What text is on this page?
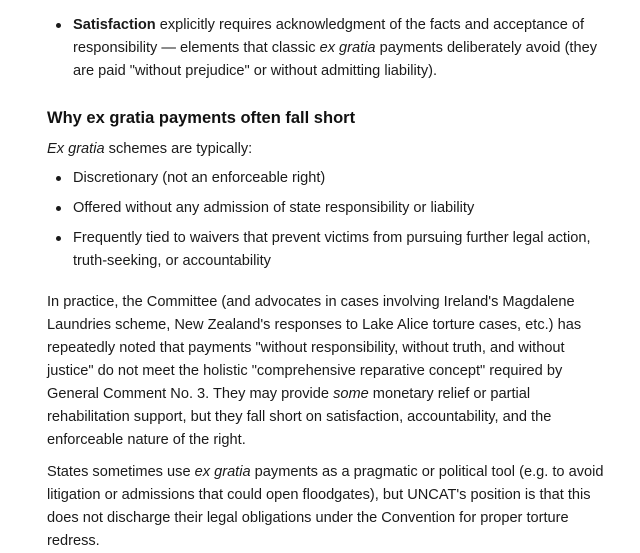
Satisfaction explicitly requires acknowledgment of the facts and acceptance of responsibility — elements that classic ex gratia payments deliberately avoid (they are paid "without prejudice" or without admitting liability).
Why ex gratia payments often fall short

Ex gratia schemes are typically:

Discretionary (not an enforceable right)
Offered without any admission of state responsibility or liability
Frequently tied to waivers that prevent victims from pursuing further legal action, truth-seeking, or accountability

In practice, the Committee (and advocates in cases involving Ireland's Magdalene Laundries scheme, New Zealand's responses to Lake Alice torture cases, etc.) has repeatedly noted that payments "without responsibility, without truth, and without justice" do not meet the holistic "comprehensive reparative concept" required by General Comment No. 3. They may provide some monetary relief or partial rehabilitation support, but they fall short on satisfaction, accountability, and the enforceable nature of the right.

States sometimes use ex gratia payments as a pragmatic or political tool (e.g. to avoid litigation or admissions that could open floodgates), but UNCAT's position is that this does not discharge their legal obligations under the Convention for proper torture redress.
